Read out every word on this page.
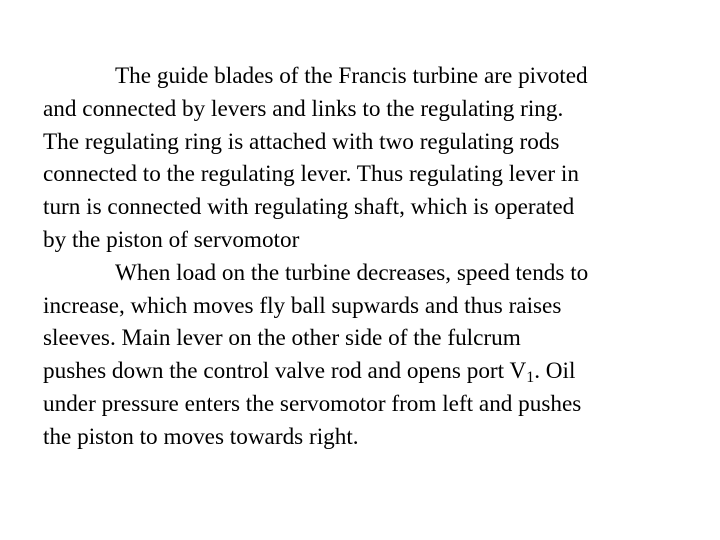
The guide blades of the Francis turbine are pivoted
and connected by levers and links to the regulating ring.
The regulating ring is attached with two regulating rods
connected to the regulating lever. Thus regulating lever in
turn is connected with regulating shaft, which is operated
by the piston of servomotor
When load on the turbine decreases, speed tends to
increase, which moves fly ball supwards and thus raises
sleeves. Main lever on the other side of the fulcrum
pushes down the control valve rod and opens port $V_1$. Oil
under pressure enters the servomotor from left and pushes
the piston to moves towards right.
